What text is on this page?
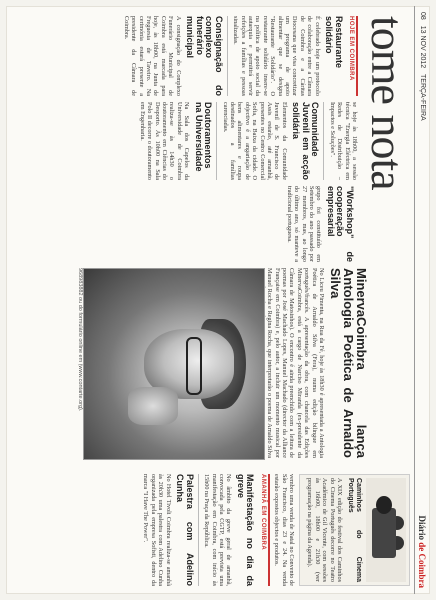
08 13 NOV 2012 TERÇA-FEIRA
Diário de Coimbra
tome nota
HOJE EM COIMBRA
Restaurante solidário

É celebrado hoje um protocolo de colaboração entre a Câmara de Coimbra e a Cáritas Diocesana que visa concretizar um programa de apoio alimentar que se designa "Restaurante Solidário". O restaurante solidário insere-se na política de apoio social da autarquia e permitirá servir refeições a famílias e pessoas sinalizadas.

Consignação do complexo funerário municipal

A consignação do Complexo Funerário Municipal de Coimbra está marcada para hoje, às 18h00, na Junta de Freguesia de Taveiro. Na cerimónia estará presente a presidente da Câmara de Coimbra.

se hoje às 18h00, a sessão técnica "Energia Eléctrica em Redes de Distribuição – Impactos e Soluções".

Comunidade Juvenil em acção solidária

Elementos da Comunidade Juvenil de S. Francisco de Assis estarão, até amanhã, presentes no Centro Comercial Sofia, na Baixa da cidade. O objectivo é a angariação de bens alimentares e roupa destinados a famílias carenciadas.

Doutoramentos na Universidade

Na Sala dos Capelos da Universidade de Coimbra realiza-se às 14h30 o doutoramento em Ciências do Desporto. Às 10h00 na Sala Polo II decorre o doutoramento em Engenharia.

"Workshop" de cooperação empresarial

grupo foi constituído em Setembro do ano passado por 27 membros, mas, ao longo do último ano, só manteve a tradicional portuguesa.

MinervaCoimbra lança Antologia Poética de Arnaldo Silva

No Liceu Pimenta, na Rua da Fé, hoje às 18h30 é apresentada a Antologia Poética de Arnaldo Silva (Fera), numa edição bilingue em português/francês. A apresentação da obra, com chancela das Edições MinervaCoimbra, está a cargo de Narciso Miranda (ex-presidente da Câmara de Matosinhos). O encontro é ainda preenchido com a leitura de poemas por José Machado Lopes, Manuel Machado (director da Alliance Française em Coimbra) e, pelo autor, a incluir um momento musical por Manuel Rocha e Regina Rocha, que interpretarão o poema de Arnaldo Silva

968983882 ou do formulário online em (www.contarte.org).
Caminhos do Cinema Português

A XIX edição do festival dos Caminhos do Cinema Português decorre no Teatro Académico de Gil Vicente, com sessões às 16h00, 18h00 e 21h30 (ver programação na página da Agenda).

vembro uma venda de Natal no Convento de São Francisco, dias 23 e 24. Na venda estarão expostos objectos e produtos.

AMANHÃ EM COIMBRA
Manifestação no dia da greve

No âmbito da greve geral de amanhã, convocada pela CGTP, está prevista uma manifestação em Coimbra, com início às 15h00 na Praça da República.

Palestra com Adelino Cunha

No Hotel Tivoli Coimbra realiza-se amanhã às 20h30 uma palestra com Adelino Cunha organizada pela empresa Sofisti, dentro da marca "I Have The Power".
